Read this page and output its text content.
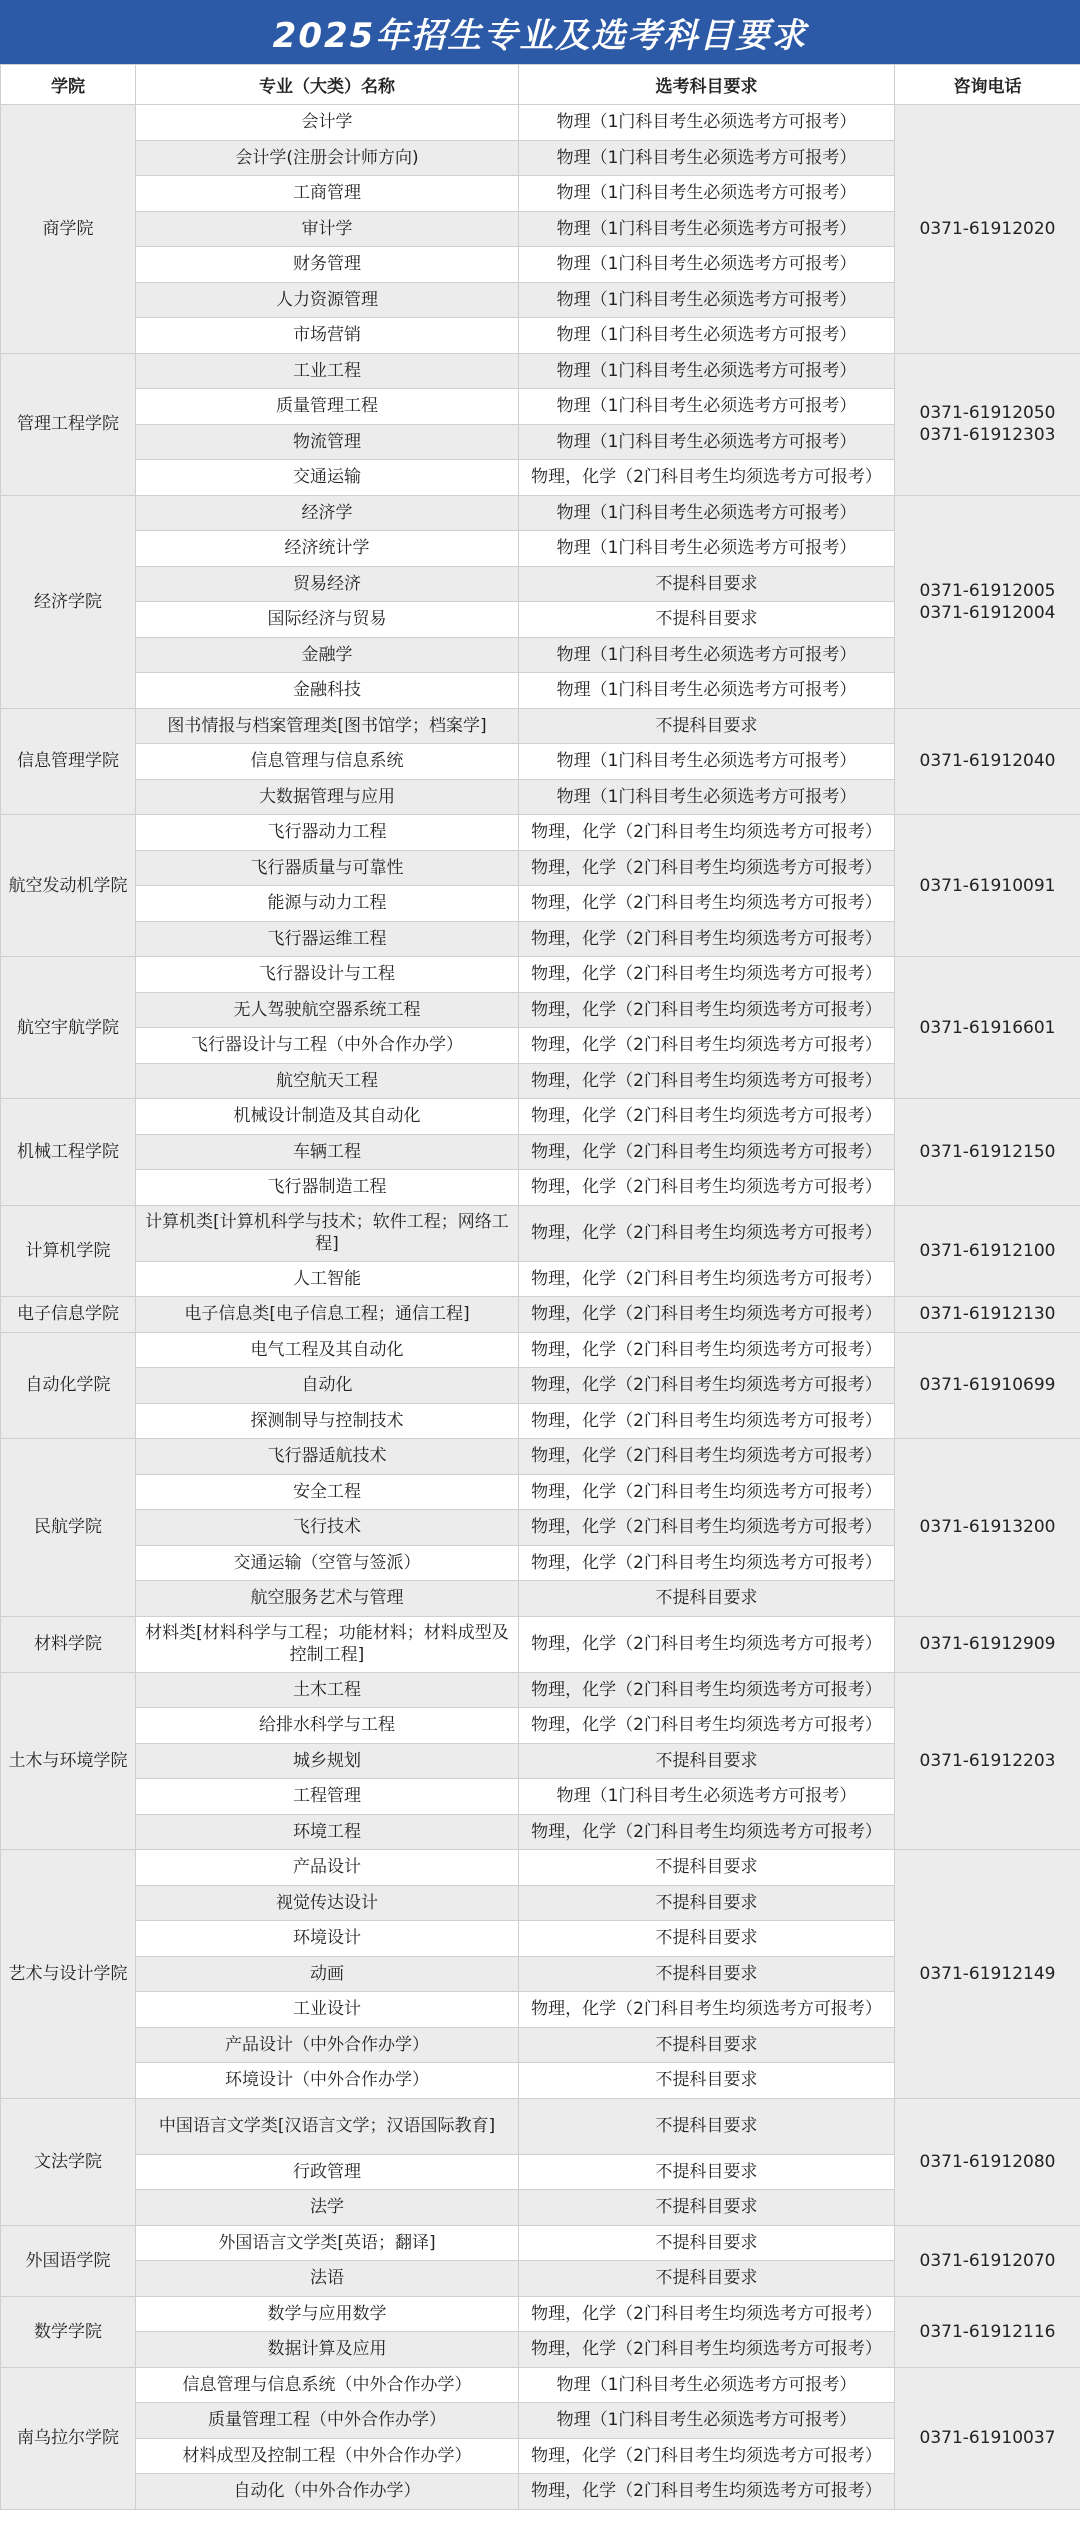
2025年招生专业及选考科目要求
学院	专业（大类）名称	选考科目要求	咨询电话
商学院	会计学	物理（1门科目考生必须选考方可报考）	0371-61912020

	会计学(注册会计师方向)	物理（1门科目考生必须选考方可报考）	
	工商管理	物理（1门科目考生必须选考方可报考）	
	审计学	物理（1门科目考生必须选考方可报考）	
	财务管理	物理（1门科目考生必须选考方可报考）	
	人力资源管理	物理（1门科目考生必须选考方可报考）	
	市场营销	物理（1门科目考生必须选考方可报考）	
管理工程学院	工业工程	物理（1门科目考生必须选考方可报考）	0371-61912050
0371-61912303

	质量管理工程	物理（1门科目考生必须选考方可报考）	
	物流管理	物理（1门科目考生必须选考方可报考）	
	交通运输	物理，化学（2门科目考生均须选考方可报考）	
经济学院	经济学	物理（1门科目考生必须选考方可报考）	0371-61912005
0371-61912004

	经济统计学	物理（1门科目考生必须选考方可报考）	
	贸易经济	不提科目要求	
	国际经济与贸易	不提科目要求	
	金融学	物理（1门科目考生必须选考方可报考）	
	金融科技	物理（1门科目考生必须选考方可报考）	
信息管理学院	图书情报与档案管理类[图书馆学；档案学]	不提科目要求	0371-61912040

	信息管理与信息系统	物理（1门科目考生必须选考方可报考）	
	大数据管理与应用	物理（1门科目考生必须选考方可报考）	
航空发动机学院	飞行器动力工程	物理，化学（2门科目考生均须选考方可报考）	0371-61910091

	飞行器质量与可靠性	物理，化学（2门科目考生均须选考方可报考）	
	能源与动力工程	物理，化学（2门科目考生均须选考方可报考）	
	飞行器运维工程	物理，化学（2门科目考生均须选考方可报考）	
航空宇航学院	飞行器设计与工程	物理，化学（2门科目考生均须选考方可报考）	0371-61916601

	无人驾驶航空器系统工程	物理，化学（2门科目考生均须选考方可报考）	
	飞行器设计与工程（中外合作办学）	物理，化学（2门科目考生均须选考方可报考）	
	航空航天工程	物理，化学（2门科目考生均须选考方可报考）	
机械工程学院	机械设计制造及其自动化	物理，化学（2门科目考生均须选考方可报考）	0371-61912150

	车辆工程	物理，化学（2门科目考生均须选考方可报考）	
	飞行器制造工程	物理，化学（2门科目考生均须选考方可报考）	
计算机学院	计算机类[计算机科学与技术；软件工程；网络工程]	物理，化学（2门科目考生均须选考方可报考）	0371-61912100

	人工智能	物理，化学（2门科目考生均须选考方可报考）	
电子信息学院	电子信息类[电子信息工程；通信工程]	物理，化学（2门科目考生均须选考方可报考）	0371-61912130

自动化学院	电气工程及其自动化	物理，化学（2门科目考生均须选考方可报考）	0371-61910699

	自动化	物理，化学（2门科目考生均须选考方可报考）	
	探测制导与控制技术	物理，化学（2门科目考生均须选考方可报考）	
民航学院	飞行器适航技术	物理，化学（2门科目考生均须选考方可报考）	0371-61913200

	安全工程	物理，化学（2门科目考生均须选考方可报考）	
	飞行技术	物理，化学（2门科目考生均须选考方可报考）	
	交通运输（空管与签派）	物理，化学（2门科目考生均须选考方可报考）	
	航空服务艺术与管理	不提科目要求	
材料学院	材料类[材料科学与工程；功能材料；材料成型及控制工程]	物理，化学（2门科目考生均须选考方可报考）	0371-61912909

土木与环境学院	土木工程	物理，化学（2门科目考生均须选考方可报考）	0371-61912203

	给排水科学与工程	物理，化学（2门科目考生均须选考方可报考）	
	城乡规划	不提科目要求	
	工程管理	物理（1门科目考生必须选考方可报考）	
	环境工程	物理，化学（2门科目考生均须选考方可报考）	
艺术与设计学院	产品设计	不提科目要求	0371-61912149

	视觉传达设计	不提科目要求	
	环境设计	不提科目要求	
	动画	不提科目要求	
	工业设计	物理，化学（2门科目考生均须选考方可报考）	
	产品设计（中外合作办学）	不提科目要求	
	环境设计（中外合作办学）	不提科目要求	
文法学院	中国语言文学类[汉语言文学；汉语国际教育]	不提科目要求	0371-61912080

	行政管理	不提科目要求	
	法学	不提科目要求	
外国语学院	外国语言文学类[英语；翻译]	不提科目要求	0371-61912070

	法语	不提科目要求	
数学学院	数学与应用数学	物理，化学（2门科目考生均须选考方可报考）	0371-61912116

	数据计算及应用	物理，化学（2门科目考生均须选考方可报考）	
南乌拉尔学院	信息管理与信息系统（中外合作办学）	物理（1门科目考生必须选考方可报考）	0371-61910037

	质量管理工程（中外合作办学）	物理（1门科目考生必须选考方可报考）	
	材料成型及控制工程（中外合作办学）	物理，化学（2门科目考生均须选考方可报考）	
	自动化（中外合作办学）	物理，化学（2门科目考生均须选考方可报考）	
